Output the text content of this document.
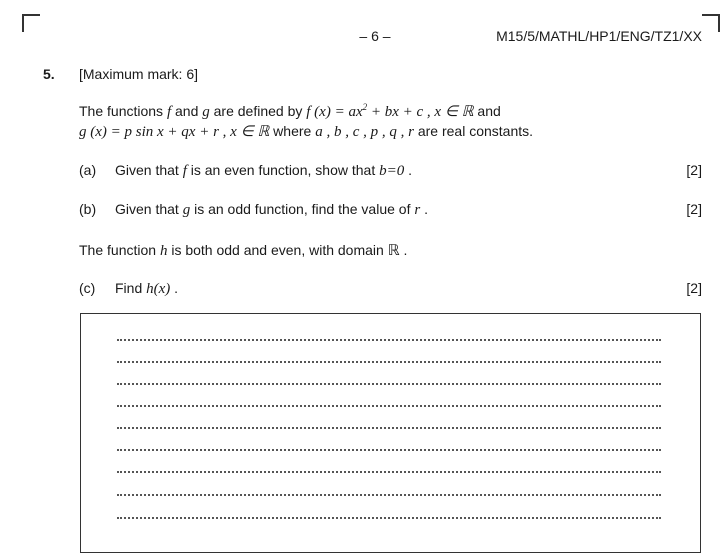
– 6 –	M15/5/MATHL/HP1/ENG/TZ1/XX
5. [Maximum mark: 6]
The functions f and g are defined by f $(x) = ax^2$ + bx + c , x ∈ ℝ and
g (x) = p sin x + qx + r , x ∈ ℝ where a , b , c , p , q , r are real constants.
(a) Given that f is an even function, show that b=0 .	[2]
(b) Given that g is an odd function, find the value of r .	[2]
The function h is both odd and even, with domain ℝ .
(c) Find h(x) .	[2]
